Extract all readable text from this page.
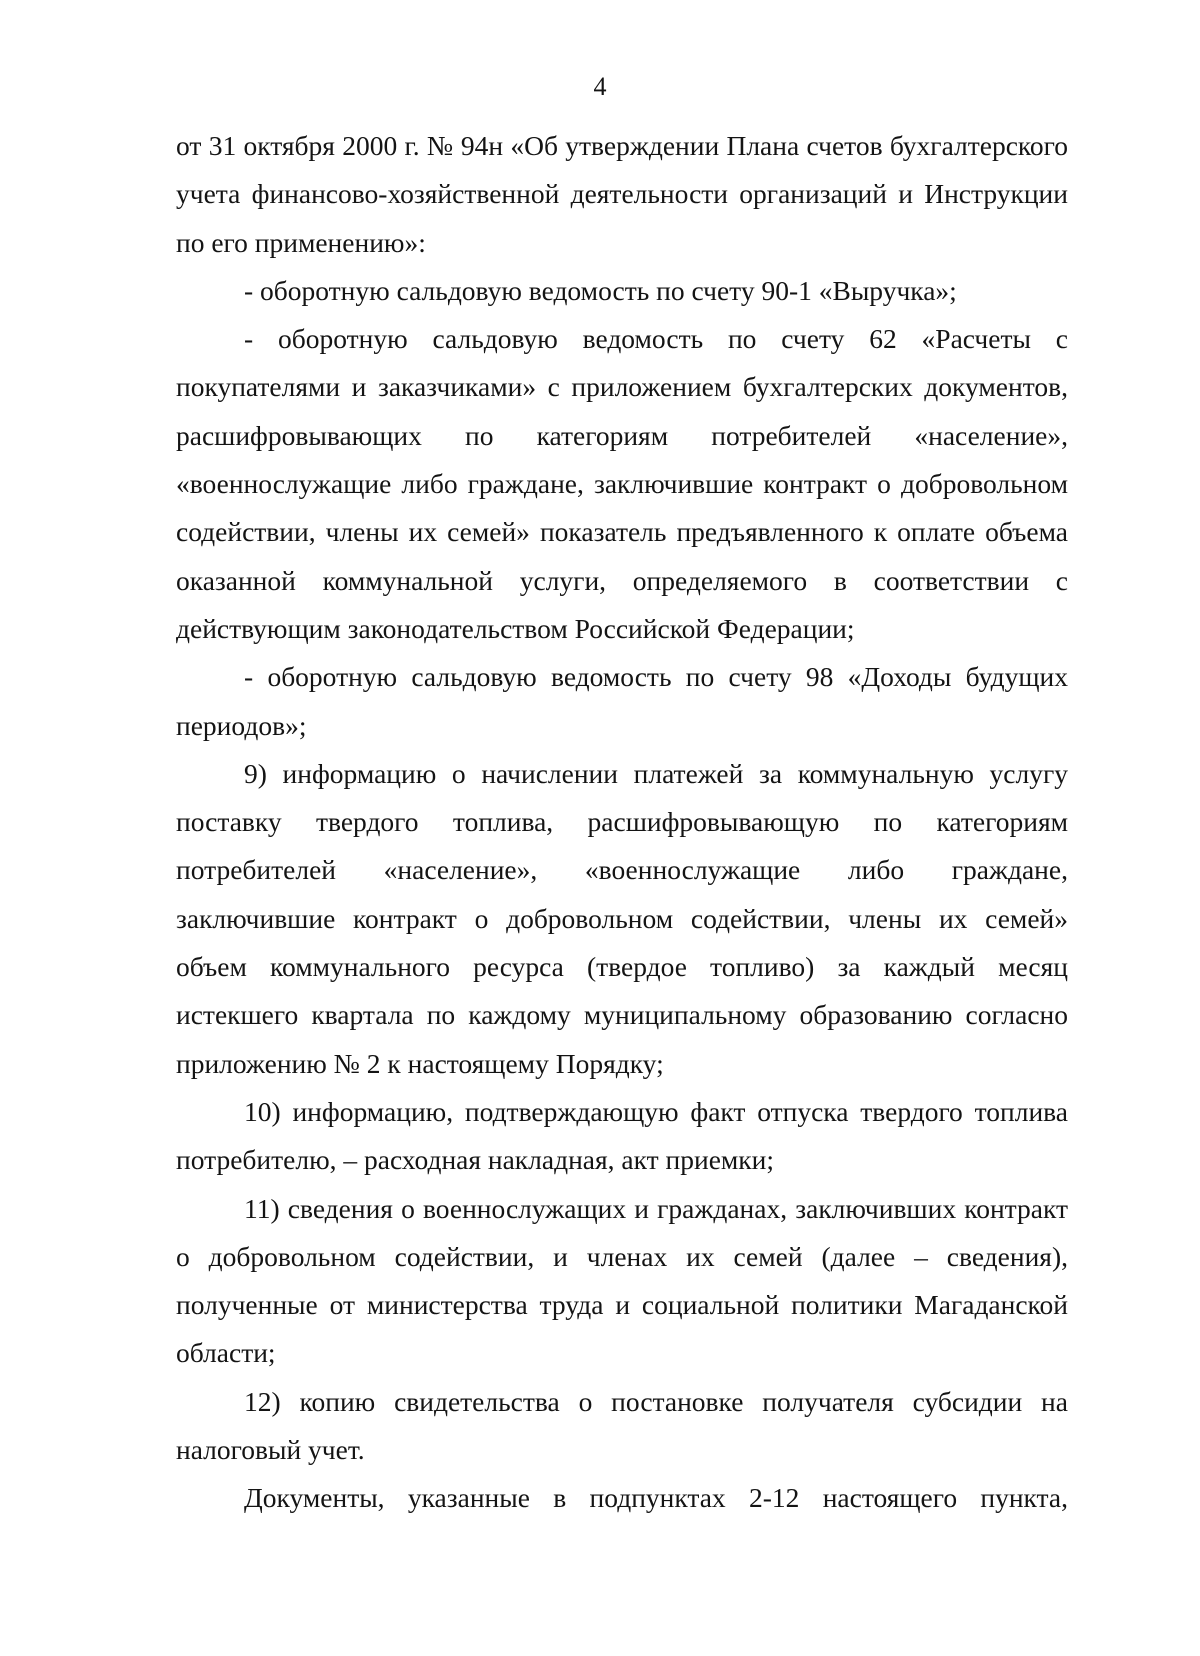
4

от 31 октября 2000 г. № 94н «Об утверждении Плана счетов бухгалтерского учета финансово-хозяйственной деятельности организаций и Инструкции по его применению»:

- оборотную сальдовую ведомость по счету 90-1 «Выручка»;

- оборотную сальдовую ведомость по счету 62 «Расчеты с покупателями и заказчиками» с приложением бухгалтерских документов, расшифровывающих по категориям потребителей «население», «военнослужащие либо граждане, заключившие контракт о добровольном содействии, члены их семей» показатель предъявленного к оплате объема оказанной коммунальной услуги, определяемого в соответствии с действующим законодательством Российской Федерации;

- оборотную сальдовую ведомость по счету 98 «Доходы будущих периодов»;

9) информацию о начислении платежей за коммунальную услугу поставку твердого топлива, расшифровывающую по категориям потребителей «население», «военнослужащие либо граждане, заключившие контракт о добровольном содействии, члены их семей» объем коммунального ресурса (твердое топливо) за каждый месяц истекшего квартала по каждому муниципальному образованию согласно приложению № 2 к настоящему Порядку;

10) информацию, подтверждающую факт отпуска твердого топлива потребителю, – расходная накладная, акт приемки;

11) сведения о военнослужащих и гражданах, заключивших контракт о добровольном содействии, и членах их семей (далее – сведения), полученные от министерства труда и социальной политики Магаданской области;

12) копию свидетельства о постановке получателя субсидии на налоговый учет.

Документы, указанные в подпунктах 2-12 настоящего пункта,
